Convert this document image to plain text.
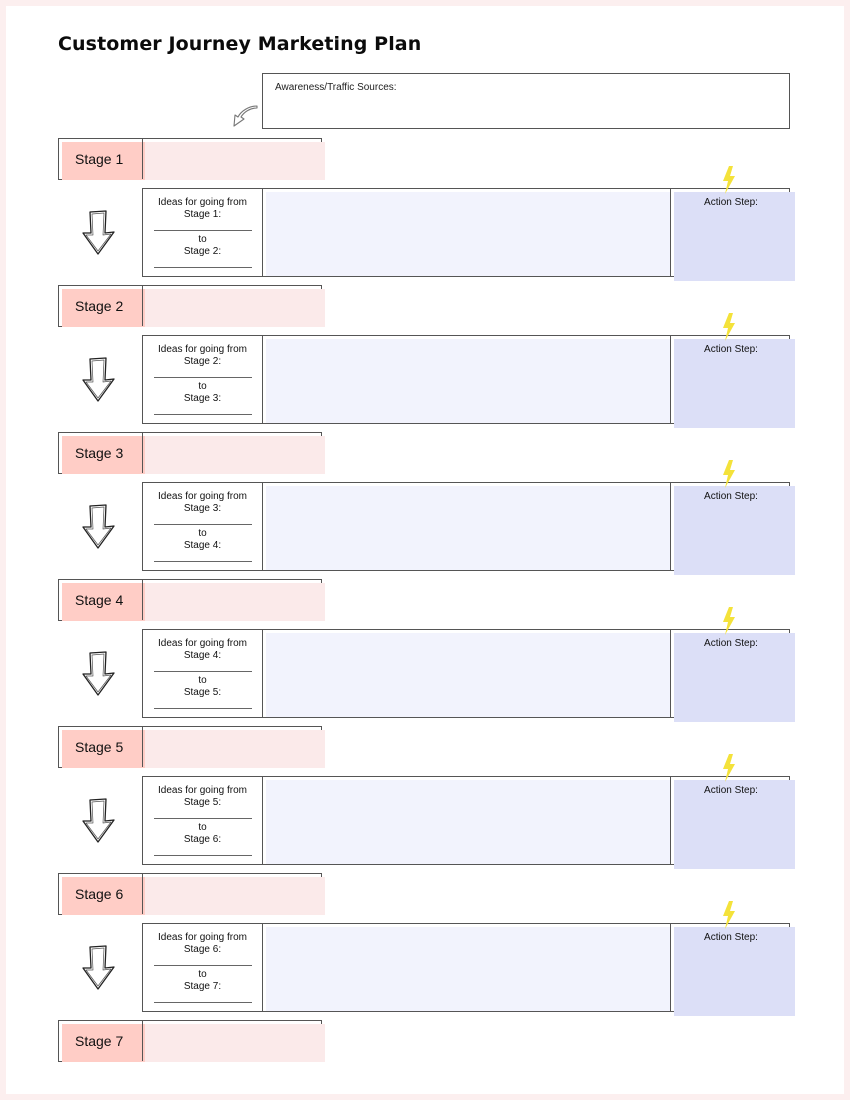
Customer Journey Marketing Plan
Awareness/Traffic Sources:
Stage 1
Stage 2
Stage 3
Stage 4
Stage 5
Stage 6
Stage 7
Ideas for going from
Stage 1:
to
Stage 2:
Action Step:
Ideas for going from
Stage 2:
to
Stage 3:
Action Step:
Ideas for going from
Stage 3:
to
Stage 4:
Action Step:
Ideas for going from
Stage 4:
to
Stage 5:
Action Step:
Ideas for going from
Stage 5:
to
Stage 6:
Action Step:
Ideas for going from
Stage 6:
to
Stage 7:
Action Step:
